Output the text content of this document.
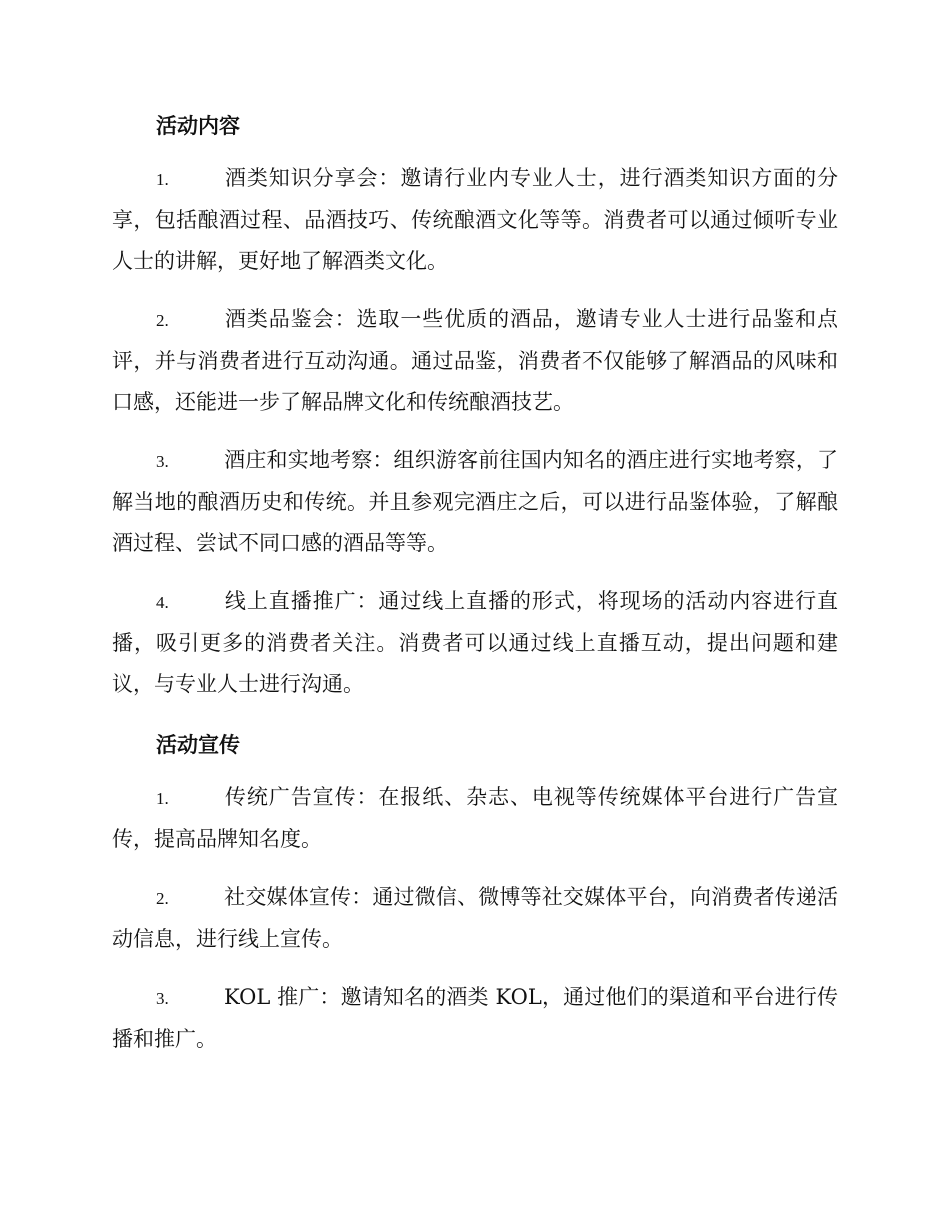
活动内容

1.	酒类知识分享会：邀请行业内专业人士，进行酒类知识方面的分享，包括酿酒过程、品酒技巧、传统酿酒文化等等。消费者可以通过倾听专业人士的讲解，更好地了解酒类文化。

2.	酒类品鉴会：选取一些优质的酒品，邀请专业人士进行品鉴和点评，并与消费者进行互动沟通。通过品鉴，消费者不仅能够了解酒品的风味和口感，还能进一步了解品牌文化和传统酿酒技艺。

3.	酒庄和实地考察：组织游客前往国内知名的酒庄进行实地考察，了解当地的酿酒历史和传统。并且参观完酒庄之后，可以进行品鉴体验，了解酿酒过程、尝试不同口感的酒品等等。

4.	线上直播推广：通过线上直播的形式，将现场的活动内容进行直播，吸引更多的消费者关注。消费者可以通过线上直播互动，提出问题和建议，与专业人士进行沟通。

活动宣传

1.	传统广告宣传：在报纸、杂志、电视等传统媒体平台进行广告宣传，提高品牌知名度。

2.	社交媒体宣传：通过微信、微博等社交媒体平台，向消费者传递活动信息，进行线上宣传。

3.	KOL 推广：邀请知名的酒类 KOL，通过他们的渠道和平台进行传播和推广。
